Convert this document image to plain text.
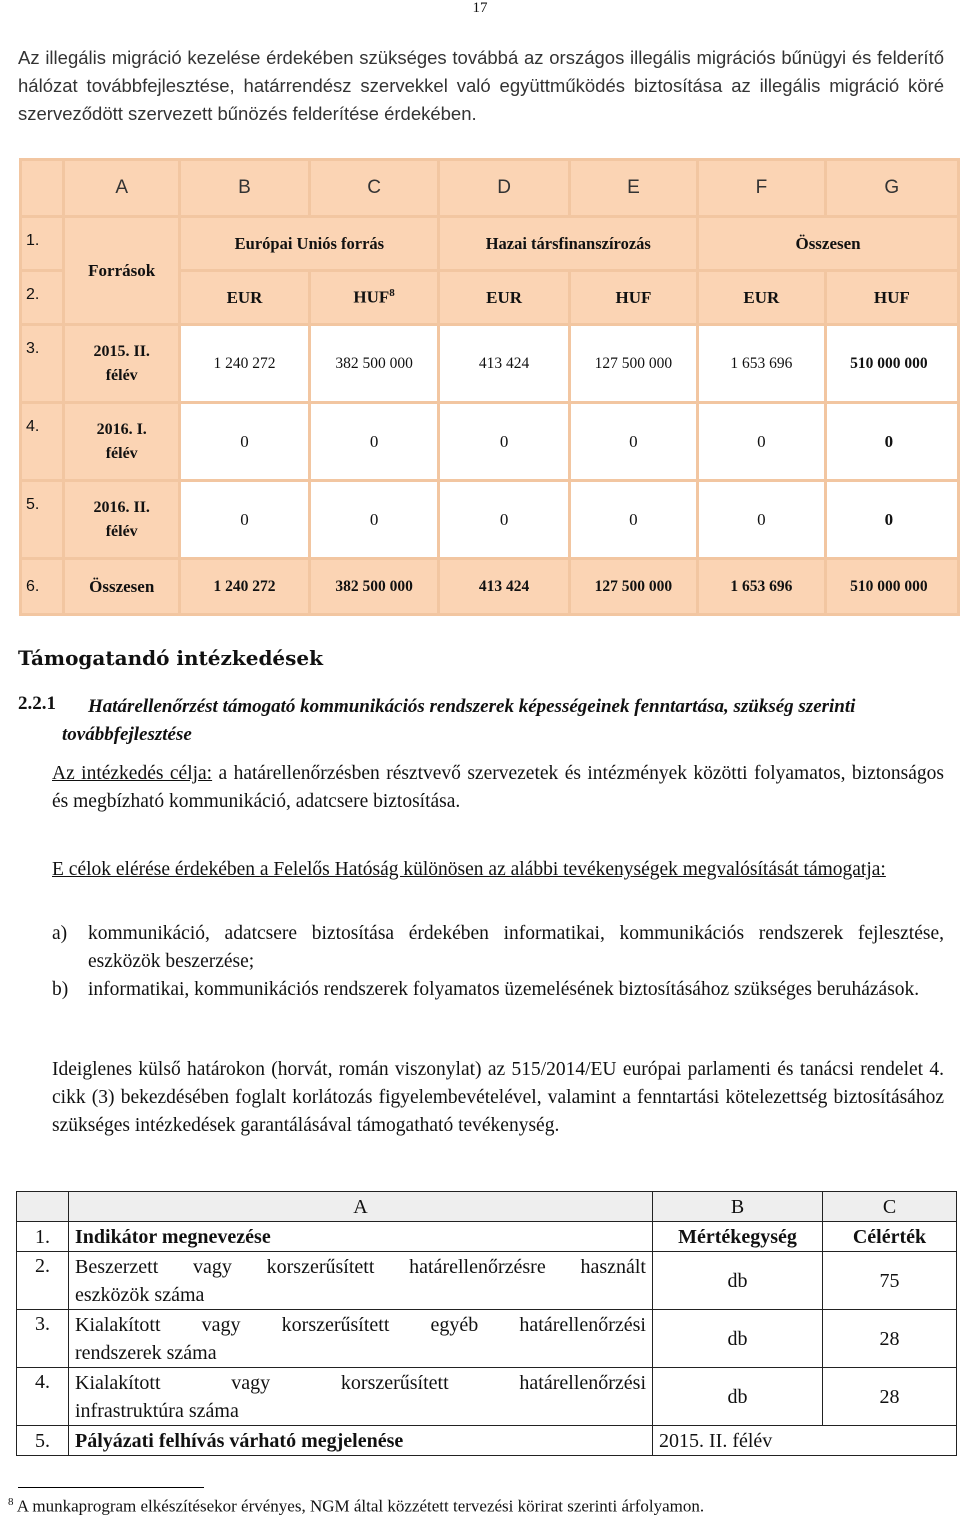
17
Az illegális migráció kezelése érdekében szükséges továbbá az országos illegális migrációs bűnügyi és felderítő hálózat továbbfejlesztése, határrendész szervekkel való együttműködés biztosítása az illegális migráció köré szerveződött szervezett bűnözés felderítése érdekében.
	A	B	C	D	E	F	G
1.	Források	Európai Uniós forrás		Hazai társfinanszírozás		Összesen	
2.		EUR	HUF$^8$	EUR	HUF	EUR	HUF
3.	2015. II.
félév	1 240 272	382 500 000	413 424	127 500 000	1 653 696	510 000 000
4.	2016. I.
félév	0	0	0	0	0	0
5.	2016. II.
félév	0	0	0	0	0	0
6.	Összesen	1 240 272	382 500 000	413 424	127 500 000	1 653 696	510 000 000
Támogatandó intézkedések
2.2.1	Határellenőrzést támogató kommunikációs rendszerek képességeinek fenntartása, szükség szerinti továbbfejlesztése
Az intézkedés célja: a határellenőrzésben résztvevő szervezetek és intézmények közötti folyamatos, biztonságos és megbízható kommunikáció, adatcsere biztosítása.
E célok elérése érdekében a Felelős Hatóság különösen az alábbi tevékenységek megvalósítását támogatja:
a)	kommunikáció, adatcsere biztosítása érdekében informatikai, kommunikációs rendszerek fejlesztése, eszközök beszerzése;
b)	informatikai, kommunikációs rendszerek folyamatos üzemelésének biztosításához szükséges beruházások.
Ideiglenes külső határokon (horvát, román viszonylat) az 515/2014/EU európai parlamenti és tanácsi rendelet 4. cikk (3) bekezdésében foglalt korlátozás figyelembevételével, valamint a fenntartási kötelezettség biztosításához szükséges intézkedések garantálásával támogatható tevékenység.
	A	B	C
1.	Indikátor megnevezése	Mértékegység	Célérték
2.	Beszerzett vagy korszerűsített határellenőrzésre használt
eszközök száma	db	75
3.	Kialakított vagy korszerűsített egyéb határellenőrzési
rendszerek száma	db	28
4.	Kialakított vagy korszerűsített határellenőrzési
infrastruktúra száma	db	28
5.	Pályázati felhívás várható megjelenése	2015. II. félév	
$^8$ A munkaprogram elkészítésekor érvényes, NGM által közzétett tervezési körirat szerinti árfolyamon.
